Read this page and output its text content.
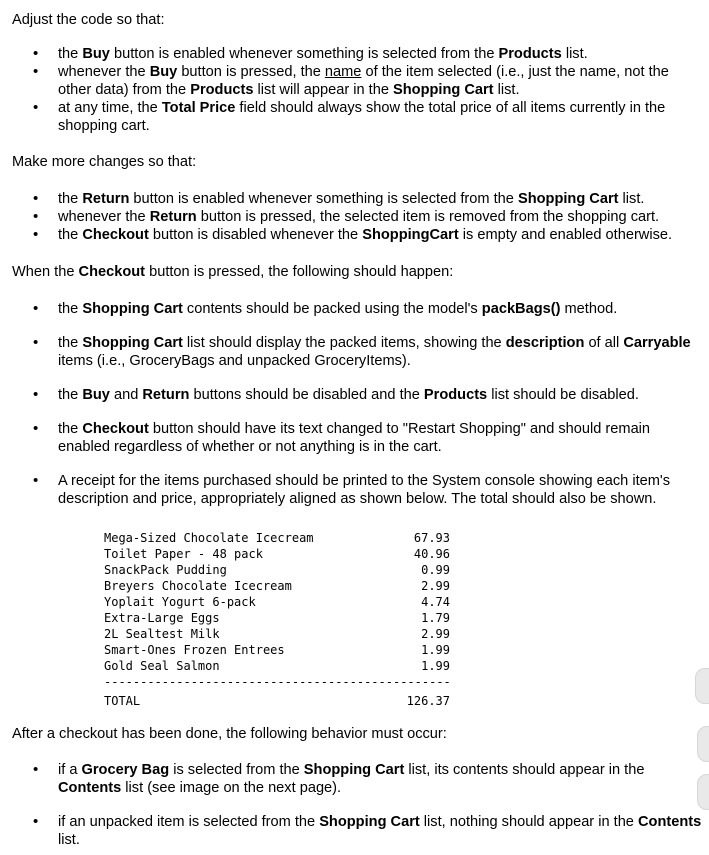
Adjust the code so that:

• the Buy button is enabled whenever something is selected from the Products list.
• whenever the Buy button is pressed, the name of the item selected (i.e., just the name, not the other data) from the Products list will appear in the Shopping Cart list.
• at any time, the Total Price field should always show the total price of all items currently in the shopping cart.

Make more changes so that:

• the Return button is enabled whenever something is selected from the Shopping Cart list.
• whenever the Return button is pressed, the selected item is removed from the shopping cart.
• the Checkout button is disabled whenever the ShoppingCart is empty and enabled otherwise.

When the Checkout button is pressed, the following should happen:

• the Shopping Cart contents should be packed using the model's packBags() method.
• the Shopping Cart list should display the packed items, showing the description of all Carryable items (i.e., GroceryBags and unpacked GroceryItems).
• the Buy and Return buttons should be disabled and the Products list should be disabled.
• the Checkout button should have its text changed to "Restart Shopping" and should remain enabled regardless of whether or not anything is in the cart.
• A receipt for the items purchased should be printed to the System console showing each item's description and price, appropriately aligned as shown below. The total should also be shown.
Mega-Sized Chocolate Icecream	67.93
Toilet Paper - 48 pack	40.96
SnackPack Pudding	0.99
Breyers Chocolate Icecream	2.99
Yoplait Yogurt 6-pack	4.74
Extra-Large Eggs	1.79
2L Sealtest Milk	2.99
Smart-Ones Frozen Entrees	1.99
Gold Seal Salmon	1.99
------------------------------------------------
TOTAL	126.37

After a checkout has been done, the following behavior must occur:

• if a Grocery Bag is selected from the Shopping Cart list, its contents should appear in the Contents list (see image on the next page).
• if an unpacked item is selected from the Shopping Cart list, nothing should appear in the Contents list.
